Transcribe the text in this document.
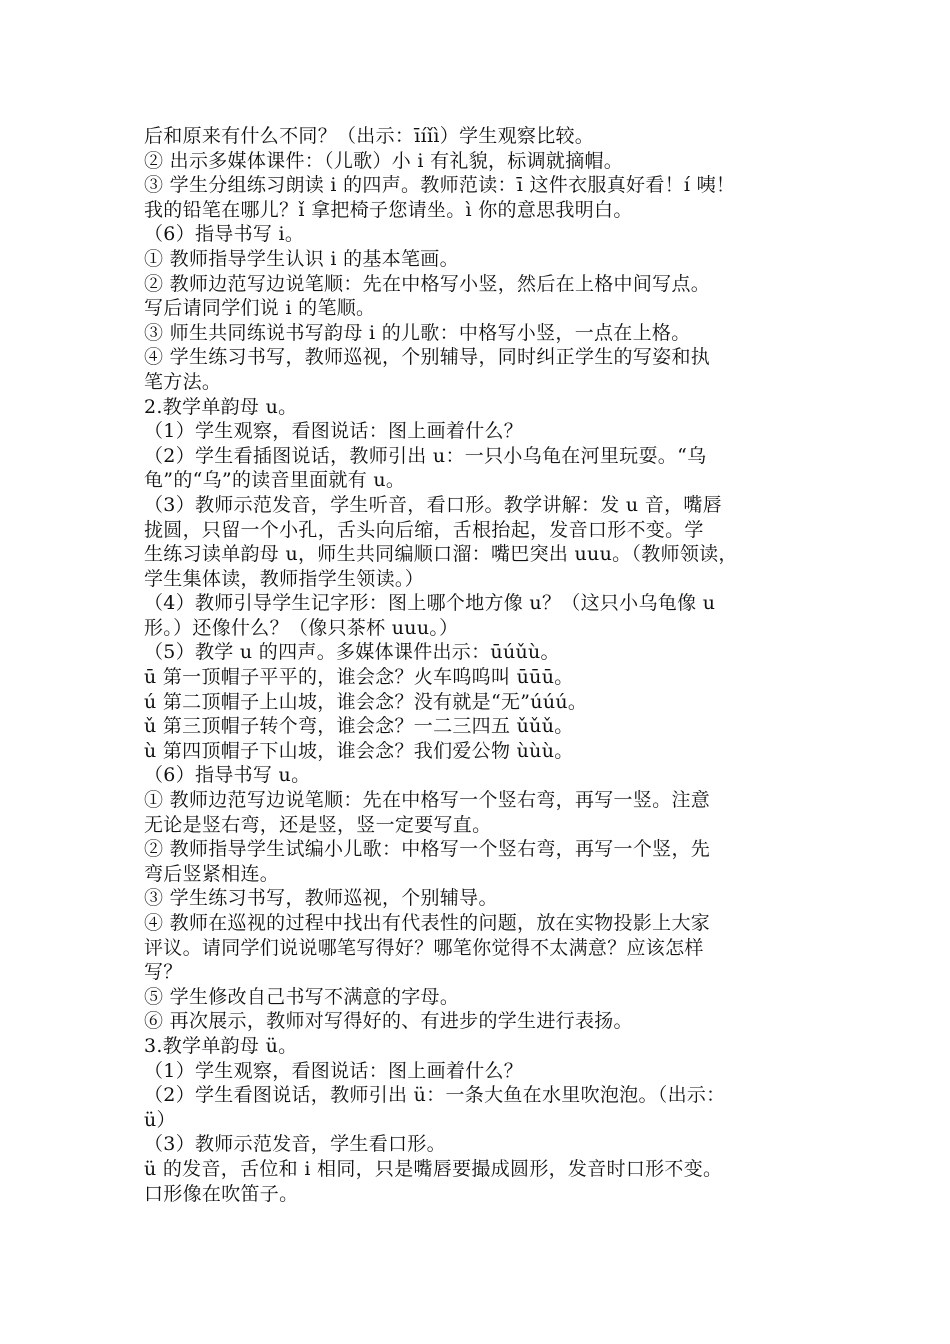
后和原来有什么不同？（出示：īíǐì）学生观察比较。
② 出示多媒体课件：（儿歌）小 i 有礼貌，标调就摘帽。
③ 学生分组练习朗读 i 的四声。教师范读：ī 这件衣服真好看！í 咦！
我的铅笔在哪儿？ǐ 拿把椅子您请坐。ì 你的意思我明白。
（6）指导书写 i。
① 教师指导学生认识 i 的基本笔画。
② 教师边范写边说笔顺：先在中格写小竖，然后在上格中间写点。
写后请同学们说 i 的笔顺。
③ 师生共同练说书写韵母 i 的儿歌：中格写小竖，一点在上格。
④ 学生练习书写，教师巡视，个别辅导，同时纠正学生的写姿和执
笔方法。
2.教学单韵母 u。
（1）学生观察，看图说话：图上画着什么？
（2）学生看插图说话，教师引出 u：一只小乌龟在河里玩耍。“乌
龟”的“乌”的读音里面就有 u。
（3）教师示范发音，学生听音，看口形。教学讲解：发 u 音，嘴唇
拢圆，只留一个小孔，舌头向后缩，舌根抬起，发音口形不变。学
生练习读单韵母 u，师生共同编顺口溜：嘴巴突出 uuu。（教师领读，
学生集体读，教师指学生领读。）
（4）教师引导学生记字形：图上哪个地方像 u？（这只小乌龟像 u
形。）还像什么？（像只茶杯 uuu。）
（5）教学 u 的四声。多媒体课件出示：ūúǔù。
ū 第一顶帽子平平的，谁会念？火车呜呜叫 ūūū。
ú 第二顶帽子上山坡，谁会念？没有就是“无”úúú。
ǔ 第三顶帽子转个弯，谁会念？一二三四五 ǔǔǔ。
ù 第四顶帽子下山坡，谁会念？我们爱公物 ùùù。
（6）指导书写 u。
① 教师边范写边说笔顺：先在中格写一个竖右弯，再写一竖。注意
无论是竖右弯，还是竖，竖一定要写直。
② 教师指导学生试编小儿歌：中格写一个竖右弯，再写一个竖，先
弯后竖紧相连。
③ 学生练习书写，教师巡视，个别辅导。
④ 教师在巡视的过程中找出有代表性的问题，放在实物投影上大家
评议。请同学们说说哪笔写得好？哪笔你觉得不太满意？应该怎样
写？
⑤ 学生修改自己书写不满意的字母。
⑥ 再次展示，教师对写得好的、有进步的学生进行表扬。
3.教学单韵母 ü。
（1）学生观察，看图说话：图上画着什么？
（2）学生看图说话，教师引出 ü：一条大鱼在水里吹泡泡。（出示：
ü）
（3）教师示范发音，学生看口形。
ü 的发音，舌位和 i 相同，只是嘴唇要撮成圆形，发音时口形不变。
口形像在吹笛子。
